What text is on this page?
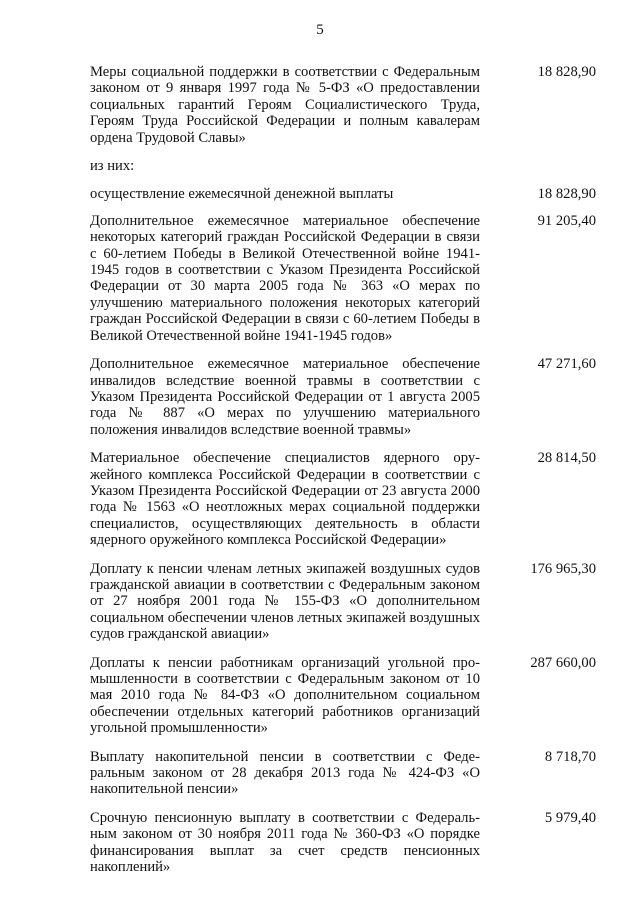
5
Меры социальной поддержки в соответствии с Федеральным законом от 9 января 1997 года № 5-ФЗ «О предоставлении социальных гарантий Героям Социалистического Труда, Героям Труда Российской Федерации и полным кавалерам ордена Трудовой Славы»
18 828,90
из них:
осуществление ежемесячной денежной выплаты	18 828,90
Дополнительное ежемесячное материальное обеспечение некоторых категорий граждан Российской Федерации в связи с 60-летием Победы в Великой Отечественной войне 1941-1945 годов в соответствии с Указом Президента Российской Федерации от 30 марта 2005 года № 363 «О мерах по улучшению материального положения некоторых категорий граждан Российской Федерации в связи с 60-летием Победы в Великой Отечественной войне 1941-1945 годов»
91 205,40
Дополнительное ежемесячное материальное обеспечение инвалидов вследствие военной травмы в соответствии с Указом Президента Российской Федерации от 1 августа 2005 года № 887 «О мерах по улучшению материального положения инвалидов вследствие военной травмы»
47 271,60
Материальное обеспечение специалистов ядерного оружейного комплекса Российской Федерации в соответствии с Указом Президента Российской Федерации от 23 августа 2000 года № 1563 «О неотложных мерах социальной поддержки специалистов, осуществляющих деятельность в области ядерного оружейного комплекса Российской Федерации»
28 814,50
Доплату к пенсии членам летных экипажей воздушных судов гражданской авиации в соответствии с Федеральным законом от 27 ноября 2001 года № 155-ФЗ «О дополнительном социальном обеспечении членов летных экипажей воздушных судов гражданской авиации»
176 965,30
Доплаты к пенсии работникам организаций угольной промышленности в соответствии с Федеральным законом от 10 мая 2010 года № 84-ФЗ «О дополнительном социальном обеспечении отдельных категорий работников организаций угольной промышленности»
287 660,00
Выплату накопительной пенсии в соответствии с Федеральным законом от 28 декабря 2013 года № 424-ФЗ «О накопительной пенсии»
8 718,70
Срочную пенсионную выплату в соответствии с Федеральным законом от 30 ноября 2011 года № 360-ФЗ «О порядке финансирования выплат за счет средств пенсионных накоплений»
5 979,40
